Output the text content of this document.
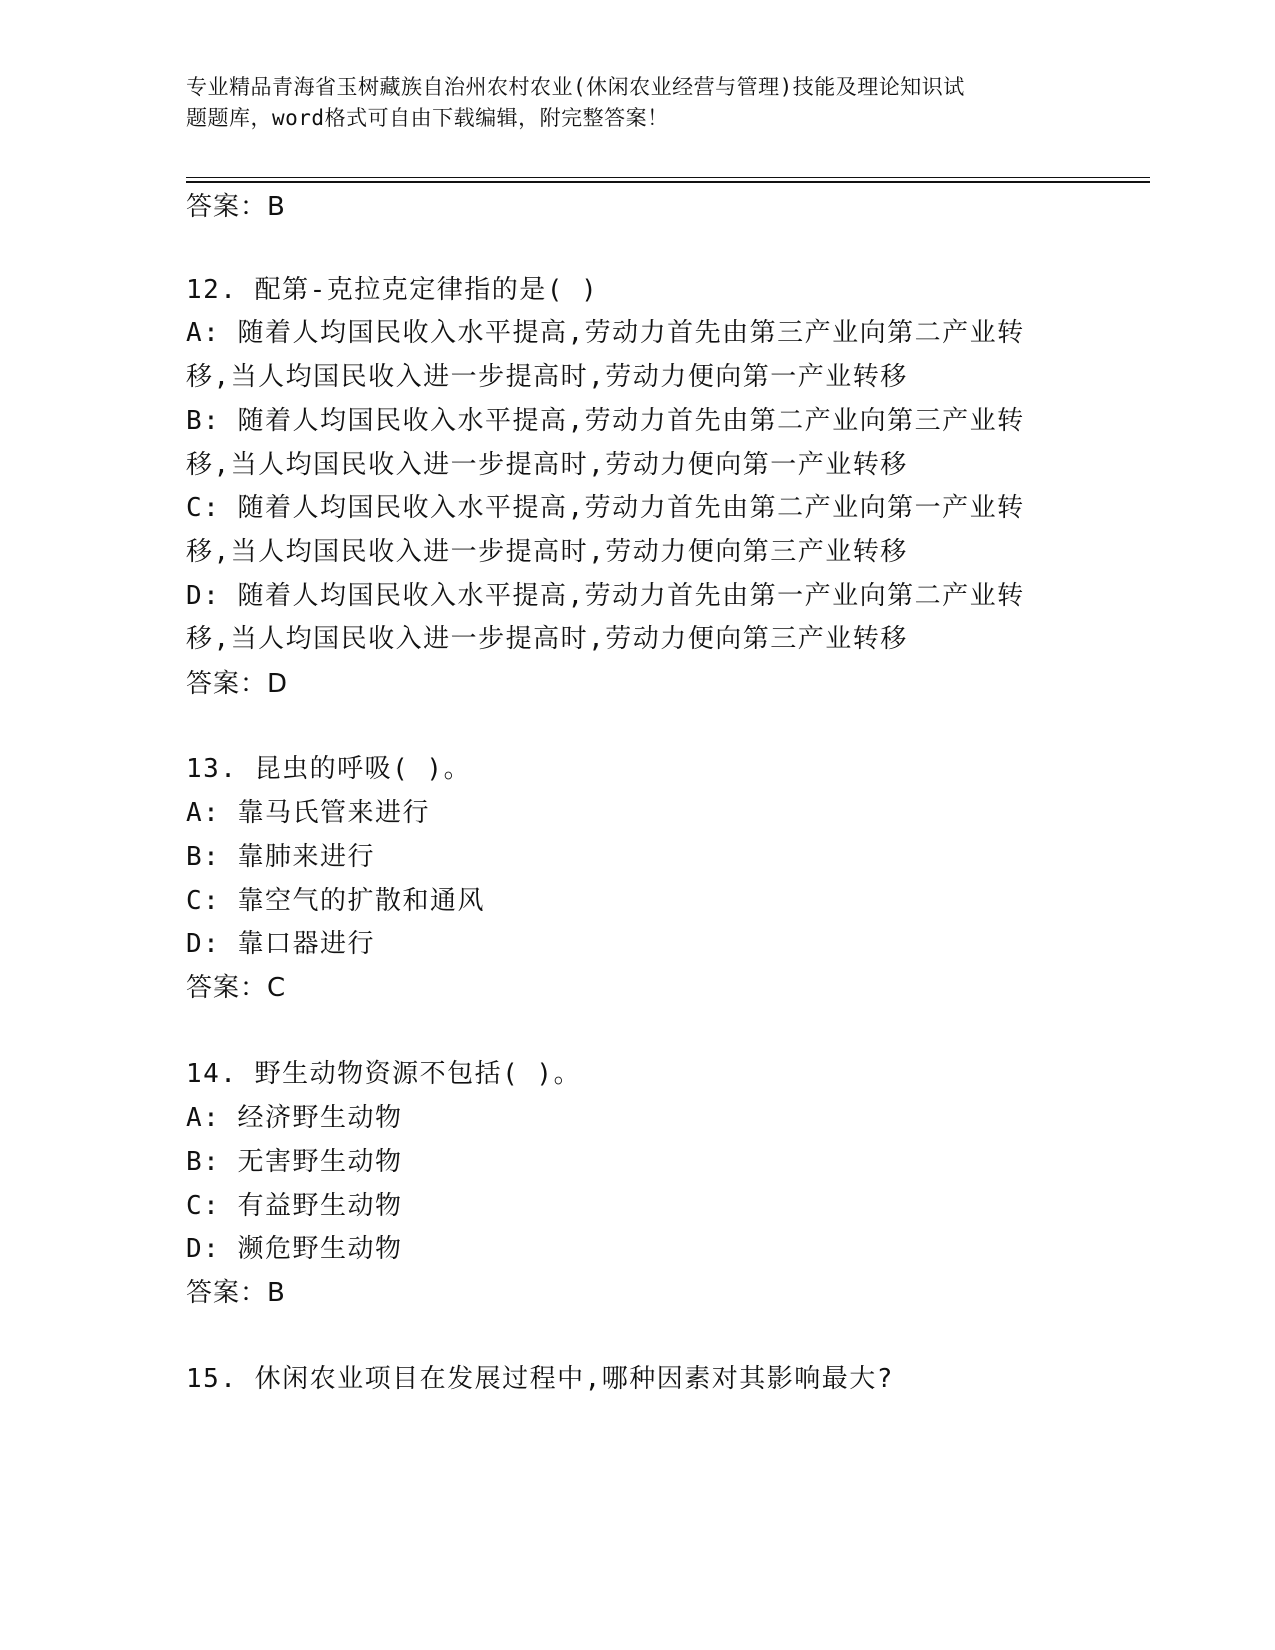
专业精品青海省玉树藏族自治州农村农业(休闲农业经营与管理)技能及理论知识试
题题库，word格式可自由下载编辑，附完整答案！
答案：B
12. 配第-克拉克定律指的是( )
A: 随着人均国民收入水平提高,劳动力首先由第三产业向第二产业转
移,当人均国民收入进一步提高时,劳动力便向第一产业转移
B: 随着人均国民收入水平提高,劳动力首先由第二产业向第三产业转
移,当人均国民收入进一步提高时,劳动力便向第一产业转移
C: 随着人均国民收入水平提高,劳动力首先由第二产业向第一产业转
移,当人均国民收入进一步提高时,劳动力便向第三产业转移
D: 随着人均国民收入水平提高,劳动力首先由第一产业向第二产业转
移,当人均国民收入进一步提高时,劳动力便向第三产业转移
答案：D
13. 昆虫的呼吸( )。
A: 靠马氏管来进行
B: 靠肺来进行
C: 靠空气的扩散和通风
D: 靠口器进行
答案：C
14. 野生动物资源不包括( )。
A: 经济野生动物
B: 无害野生动物
C: 有益野生动物
D: 濒危野生动物
答案：B
15. 休闲农业项目在发展过程中,哪种因素对其影响最大?
